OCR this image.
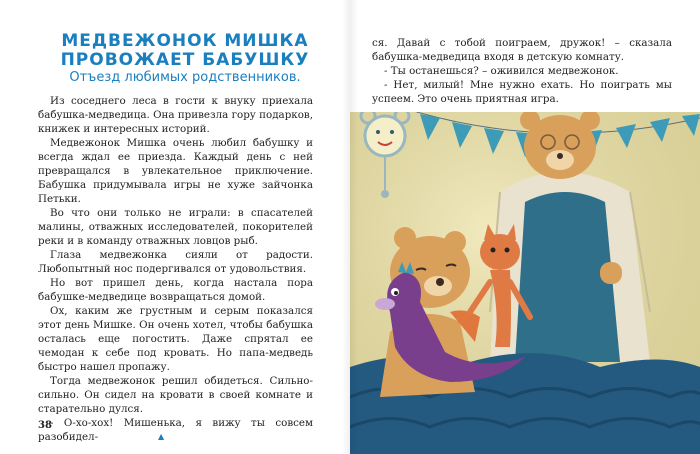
МЕДВЕЖОНОК МИШКА
ПРОВОЖАЕТ БАБУШКУ
Отъезд любимых родственников.

Из соседнего леса в гости к внуку приехала бабушка-медведица. Она привезла гору подарков, книжек и интересных историй.

Медвежонок Мишка очень любил бабушку и всегда ждал ее приезда. Каждый день с ней превращался в увлекательное приключение. Бабушка придумывала игры не хуже зайчонка Петьки.

Во что они только не играли: в спасателей малины, отважных исследователей, покорителей реки и в команду отважных ловцов рыб.

Глаза медвежонка сияли от радости. Любопытный нос подергивался от удовольствия.

Но вот пришел день, когда настала пора бабушке-медведице возвращаться домой.

Ох, каким же грустным и серым показался этот день Мишке. Он очень хотел, чтобы бабушка осталась еще погостить. Даже спрятал ее чемодан к себе под кровать. Но папа-медведь быстро нашел пропажу.

Тогда медвежонок решил обидеться. Сильно-сильно. Он сидел на кровати в своей комнате и старательно дулся.

- О-хо-хох! Мишенька, я вижу ты совсем разобидел-

38
▲

ся. Давай с тобой поиграем, дружок! – сказала бабушка-медведица входя в детскую комнату.

- Ты останешься? – оживился медвежонок.

- Нет, милый! Мне нужно ехать. Но поиграть мы успеем. Это очень приятная игра.
